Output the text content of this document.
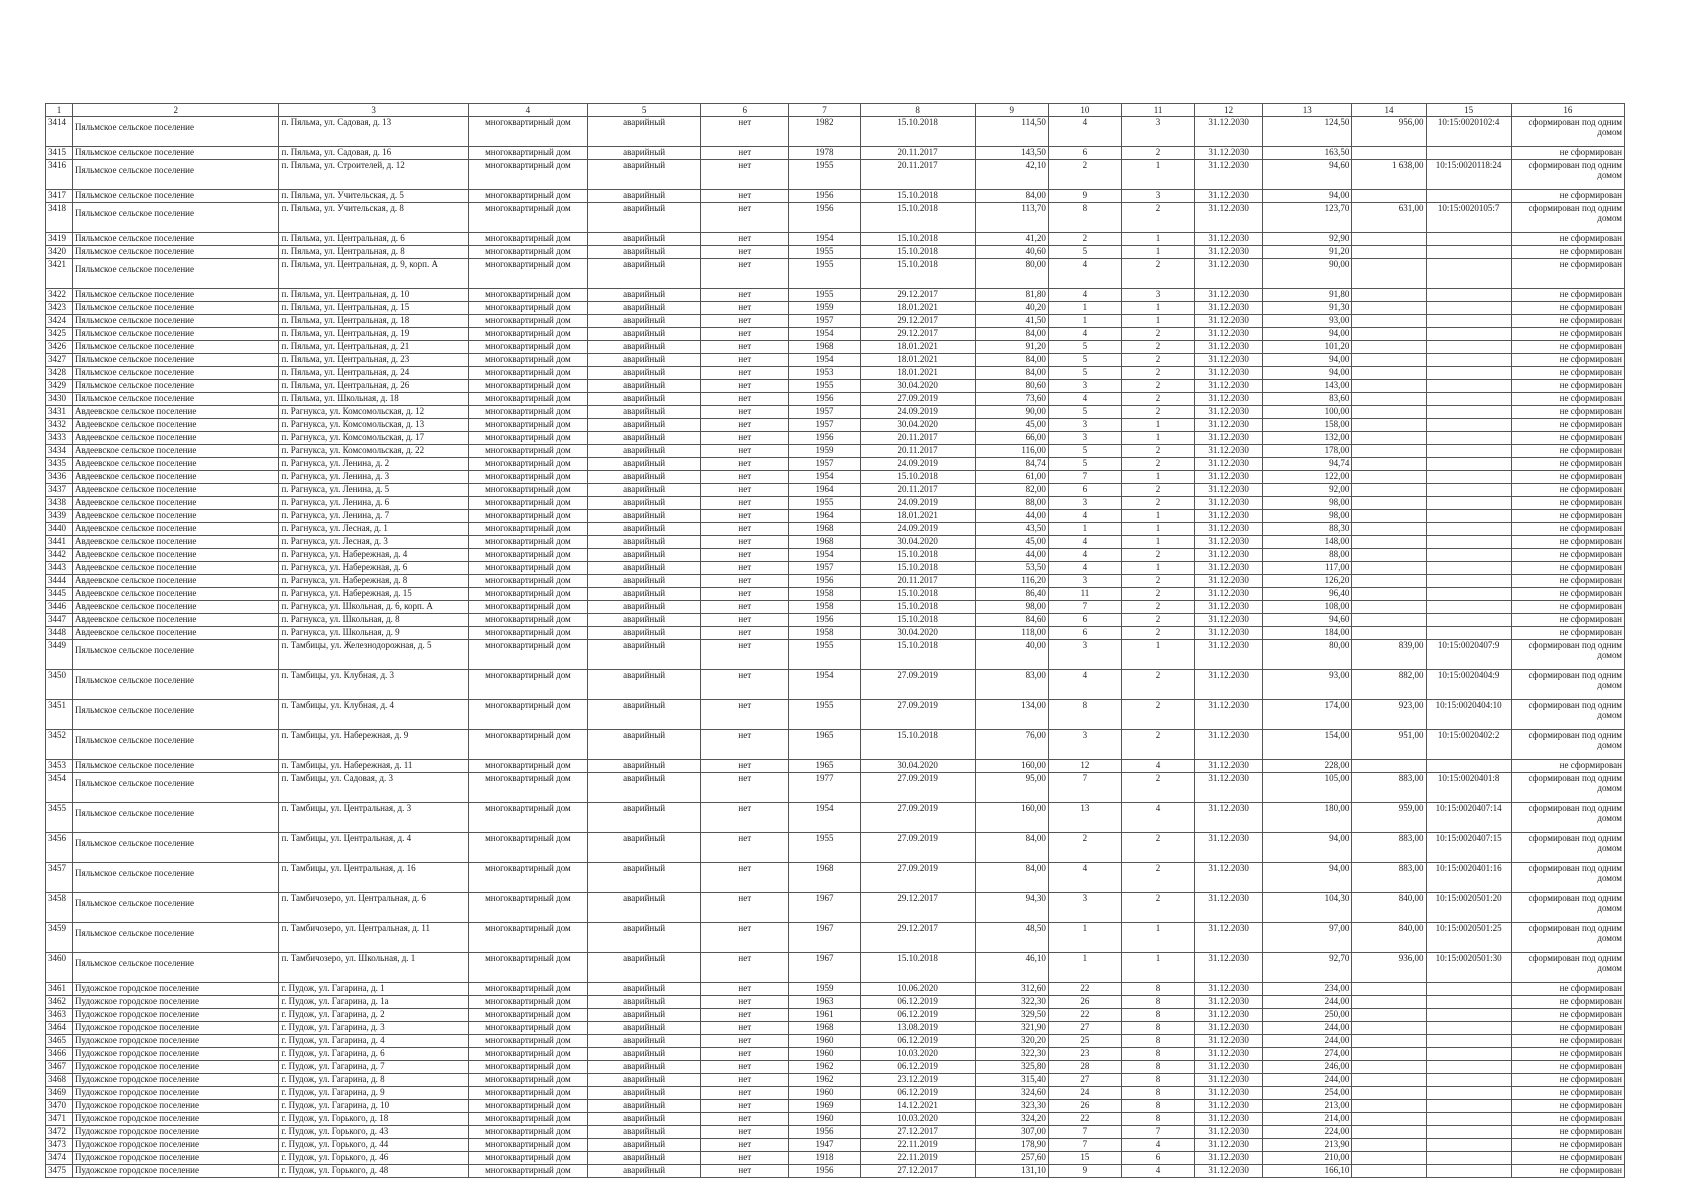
1	2	3	4	5	6	7	8	9	10	11	12	13	14	15	16
3414	Пяльмское сельское поселение	п. Пяльма, ул. Садовая, д. 13	многоквартирный дом	аварийный	нет	1982	15.10.2018	114,50	4	3	31.12.2030	124,50	956,00	10:15:0020102:4	сформирован под одним домом
3415	Пяльмское сельское поселение	п. Пяльма, ул. Садовая, д. 16	многоквартирный дом	аварийный	нет	1978	20.11.2017	143,50	6	2	31.12.2030	163,50			не сформирован
3416	Пяльмское сельское поселение	п. Пяльма, ул. Строителей, д. 12	многоквартирный дом	аварийный	нет	1955	20.11.2017	42,10	2	1	31.12.2030	94,60	1 638,00	10:15:0020118:24	сформирован под одним домом
3417	Пяльмское сельское поселение	п. Пяльма, ул. Учительская, д. 5	многоквартирный дом	аварийный	нет	1956	15.10.2018	84,00	9	3	31.12.2030	94,00			не сформирован
3418	Пяльмское сельское поселение	п. Пяльма, ул. Учительская, д. 8	многоквартирный дом	аварийный	нет	1956	15.10.2018	113,70	8	2	31.12.2030	123,70	631,00	10:15:0020105:7	сформирован под одним домом
3419	Пяльмское сельское поселение	п. Пяльма, ул. Центральная, д. 6	многоквартирный дом	аварийный	нет	1954	15.10.2018	41,20	2	1	31.12.2030	92,90			не сформирован
3420	Пяльмское сельское поселение	п. Пяльма, ул. Центральная, д. 8	многоквартирный дом	аварийный	нет	1955	15.10.2018	40,60	5	1	31.12.2030	91,20			не сформирован
3421	Пяльмское сельское поселение	п. Пяльма, ул. Центральная, д. 9, корп. А	многоквартирный дом	аварийный	нет	1955	15.10.2018	80,00	4	2	31.12.2030	90,00			не сформирован
3422	Пяльмское сельское поселение	п. Пяльма, ул. Центральная, д. 10	многоквартирный дом	аварийный	нет	1955	29.12.2017	81,80	4	3	31.12.2030	91,80			не сформирован
3423	Пяльмское сельское поселение	п. Пяльма, ул. Центральная, д. 15	многоквартирный дом	аварийный	нет	1959	18.01.2021	40,20	1	1	31.12.2030	91,30			не сформирован
3424	Пяльмское сельское поселение	п. Пяльма, ул. Центральная, д. 18	многоквартирный дом	аварийный	нет	1957	29.12.2017	41,50	1	1	31.12.2030	93,00			не сформирован
3425	Пяльмское сельское поселение	п. Пяльма, ул. Центральная, д. 19	многоквартирный дом	аварийный	нет	1954	29.12.2017	84,00	4	2	31.12.2030	94,00			не сформирован
3426	Пяльмское сельское поселение	п. Пяльма, ул. Центральная, д. 21	многоквартирный дом	аварийный	нет	1968	18.01.2021	91,20	5	2	31.12.2030	101,20			не сформирован
3427	Пяльмское сельское поселение	п. Пяльма, ул. Центральная, д. 23	многоквартирный дом	аварийный	нет	1954	18.01.2021	84,00	5	2	31.12.2030	94,00			не сформирован
3428	Пяльмское сельское поселение	п. Пяльма, ул. Центральная, д. 24	многоквартирный дом	аварийный	нет	1953	18.01.2021	84,00	5	2	31.12.2030	94,00			не сформирован
3429	Пяльмское сельское поселение	п. Пяльма, ул. Центральная, д. 26	многоквартирный дом	аварийный	нет	1955	30.04.2020	80,60	3	2	31.12.2030	143,00			не сформирован
3430	Пяльмское сельское поселение	п. Пяльма, ул. Школьная, д. 18	многоквартирный дом	аварийный	нет	1956	27.09.2019	73,60	4	2	31.12.2030	83,60			не сформирован
3431	Авдеевское сельское поселение	п. Рагнукса, ул. Комсомольская, д. 12	многоквартирный дом	аварийный	нет	1957	24.09.2019	90,00	5	2	31.12.2030	100,00			не сформирован
3432	Авдеевское сельское поселение	п. Рагнукса, ул. Комсомольская, д. 13	многоквартирный дом	аварийный	нет	1957	30.04.2020	45,00	3	1	31.12.2030	158,00			не сформирован
3433	Авдеевское сельское поселение	п. Рагнукса, ул. Комсомольская, д. 17	многоквартирный дом	аварийный	нет	1956	20.11.2017	66,00	3	1	31.12.2030	132,00			не сформирован
3434	Авдеевское сельское поселение	п. Рагнукса, ул. Комсомольская, д. 22	многоквартирный дом	аварийный	нет	1959	20.11.2017	116,00	5	2	31.12.2030	178,00			не сформирован
3435	Авдеевское сельское поселение	п. Рагнукса, ул. Ленина, д. 2	многоквартирный дом	аварийный	нет	1957	24.09.2019	84,74	5	2	31.12.2030	94,74			не сформирован
3436	Авдеевское сельское поселение	п. Рагнукса, ул. Ленина, д. 3	многоквартирный дом	аварийный	нет	1954	15.10.2018	61,00	7	1	31.12.2030	122,00			не сформирован
3437	Авдеевское сельское поселение	п. Рагнукса, ул. Ленина, д. 5	многоквартирный дом	аварийный	нет	1964	20.11.2017	82,00	6	2	31.12.2030	92,00			не сформирован
3438	Авдеевское сельское поселение	п. Рагнукса, ул. Ленина, д. 6	многоквартирный дом	аварийный	нет	1955	24.09.2019	88,00	3	2	31.12.2030	98,00			не сформирован
3439	Авдеевское сельское поселение	п. Рагнукса, ул. Ленина, д. 7	многоквартирный дом	аварийный	нет	1964	18.01.2021	44,00	4	1	31.12.2030	98,00			не сформирован
3440	Авдеевское сельское поселение	п. Рагнукса, ул. Лесная, д. 1	многоквартирный дом	аварийный	нет	1968	24.09.2019	43,50	1	1	31.12.2030	88,30			не сформирован
3441	Авдеевское сельское поселение	п. Рагнукса, ул. Лесная, д. 3	многоквартирный дом	аварийный	нет	1968	30.04.2020	45,00	4	1	31.12.2030	148,00			не сформирован
3442	Авдеевское сельское поселение	п. Рагнукса, ул. Набережная, д. 4	многоквартирный дом	аварийный	нет	1954	15.10.2018	44,00	4	2	31.12.2030	88,00			не сформирован
3443	Авдеевское сельское поселение	п. Рагнукса, ул. Набережная, д. 6	многоквартирный дом	аварийный	нет	1957	15.10.2018	53,50	4	1	31.12.2030	117,00			не сформирован
3444	Авдеевское сельское поселение	п. Рагнукса, ул. Набережная, д. 8	многоквартирный дом	аварийный	нет	1956	20.11.2017	116,20	3	2	31.12.2030	126,20			не сформирован
3445	Авдеевское сельское поселение	п. Рагнукса, ул. Набережная, д. 15	многоквартирный дом	аварийный	нет	1958	15.10.2018	86,40	11	2	31.12.2030	96,40			не сформирован
3446	Авдеевское сельское поселение	п. Рагнукса, ул. Школьная, д. 6, корп. А	многоквартирный дом	аварийный	нет	1958	15.10.2018	98,00	7	2	31.12.2030	108,00			не сформирован
3447	Авдеевское сельское поселение	п. Рагнукса, ул. Школьная, д. 8	многоквартирный дом	аварийный	нет	1956	15.10.2018	84,60	6	2	31.12.2030	94,60			не сформирован
3448	Авдеевское сельское поселение	п. Рагнукса, ул. Школьная, д. 9	многоквартирный дом	аварийный	нет	1958	30.04.2020	118,00	6	2	31.12.2030	184,00			не сформирован
3449	Пяльмское сельское поселение	п. Тамбицы, ул. Железнодорожная, д. 5	многоквартирный дом	аварийный	нет	1955	15.10.2018	40,00	3	1	31.12.2030	80,00	839,00	10:15:0020407:9	сформирован под одним домом
3450	Пяльмское сельское поселение	п. Тамбицы, ул. Клубная, д. 3	многоквартирный дом	аварийный	нет	1954	27.09.2019	83,00	4	2	31.12.2030	93,00	882,00	10:15:0020404:9	сформирован под одним домом
3451	Пяльмское сельское поселение	п. Тамбицы, ул. Клубная, д. 4	многоквартирный дом	аварийный	нет	1955	27.09.2019	134,00	8	2	31.12.2030	174,00	923,00	10:15:0020404:10	сформирован под одним домом
3452	Пяльмское сельское поселение	п. Тамбицы, ул. Набережная, д. 9	многоквартирный дом	аварийный	нет	1965	15.10.2018	76,00	3	2	31.12.2030	154,00	951,00	10:15:0020402:2	сформирован под одним домом
3453	Пяльмское сельское поселение	п. Тамбицы, ул. Набережная, д. 11	многоквартирный дом	аварийный	нет	1965	30.04.2020	160,00	12	4	31.12.2030	228,00			не сформирован
3454	Пяльмское сельское поселение	п. Тамбицы, ул. Садовая, д. 3	многоквартирный дом	аварийный	нет	1977	27.09.2019	95,00	7	2	31.12.2030	105,00	883,00	10:15:0020401:8	сформирован под одним домом
3455	Пяльмское сельское поселение	п. Тамбицы, ул. Центральная, д. 3	многоквартирный дом	аварийный	нет	1954	27.09.2019	160,00	13	4	31.12.2030	180,00	959,00	10:15:0020407:14	сформирован под одним домом
3456	Пяльмское сельское поселение	п. Тамбицы, ул. Центральная, д. 4	многоквартирный дом	аварийный	нет	1955	27.09.2019	84,00	2	2	31.12.2030	94,00	883,00	10:15:0020407:15	сформирован под одним домом
3457	Пяльмское сельское поселение	п. Тамбицы, ул. Центральная, д. 16	многоквартирный дом	аварийный	нет	1968	27.09.2019	84,00	4	2	31.12.2030	94,00	883,00	10:15:0020401:16	сформирован под одним домом
3458	Пяльмское сельское поселение	п. Тамбичозеро, ул. Центральная, д. 6	многоквартирный дом	аварийный	нет	1967	29.12.2017	94,30	3	2	31.12.2030	104,30	840,00	10:15:0020501:20	сформирован под одним домом
3459	Пяльмское сельское поселение	п. Тамбичозеро, ул. Центральная, д. 11	многоквартирный дом	аварийный	нет	1967	29.12.2017	48,50	1	1	31.12.2030	97,00	840,00	10:15:0020501:25	сформирован под одним домом
3460	Пяльмское сельское поселение	п. Тамбичозеро, ул. Школьная, д. 1	многоквартирный дом	аварийный	нет	1967	15.10.2018	46,10	1	1	31.12.2030	92,70	936,00	10:15:0020501:30	сформирован под одним домом
3461	Пудожское городское поселение	г. Пудож, ул. Гагарина, д. 1	многоквартирный дом	аварийный	нет	1959	10.06.2020	312,60	22	8	31.12.2030	234,00			не сформирован
3462	Пудожское городское поселение	г. Пудож, ул. Гагарина, д. 1а	многоквартирный дом	аварийный	нет	1963	06.12.2019	322,30	26	8	31.12.2030	244,00			не сформирован
3463	Пудожское городское поселение	г. Пудож, ул. Гагарина, д. 2	многоквартирный дом	аварийный	нет	1961	06.12.2019	329,50	22	8	31.12.2030	250,00			не сформирован
3464	Пудожское городское поселение	г. Пудож, ул. Гагарина, д. 3	многоквартирный дом	аварийный	нет	1968	13.08.2019	321,90	27	8	31.12.2030	244,00			не сформирован
3465	Пудожское городское поселение	г. Пудож, ул. Гагарина, д. 4	многоквартирный дом	аварийный	нет	1960	06.12.2019	320,20	25	8	31.12.2030	244,00			не сформирован
3466	Пудожское городское поселение	г. Пудож, ул. Гагарина, д. 6	многоквартирный дом	аварийный	нет	1960	10.03.2020	322,30	23	8	31.12.2030	274,00			не сформирован
3467	Пудожское городское поселение	г. Пудож, ул. Гагарина, д. 7	многоквартирный дом	аварийный	нет	1962	06.12.2019	325,80	28	8	31.12.2030	246,00			не сформирован
3468	Пудожское городское поселение	г. Пудож, ул. Гагарина, д. 8	многоквартирный дом	аварийный	нет	1962	23.12.2019	315,40	27	8	31.12.2030	244,00			не сформирован
3469	Пудожское городское поселение	г. Пудож, ул. Гагарина, д. 9	многоквартирный дом	аварийный	нет	1960	06.12.2019	324,60	24	8	31.12.2030	254,00			не сформирован
3470	Пудожское городское поселение	г. Пудож, ул. Гагарина, д. 10	многоквартирный дом	аварийный	нет	1969	14.12.2021	323,30	26	8	31.12.2030	213,00			не сформирован
3471	Пудожское городское поселение	г. Пудож, ул. Горького, д. 18	многоквартирный дом	аварийный	нет	1960	10.03.2020	324,20	22	8	31.12.2030	214,00			не сформирован
3472	Пудожское городское поселение	г. Пудож, ул. Горького, д. 43	многоквартирный дом	аварийный	нет	1956	27.12.2017	307,00	7	7	31.12.2030	224,00			не сформирован
3473	Пудожское городское поселение	г. Пудож, ул. Горького, д. 44	многоквартирный дом	аварийный	нет	1947	22.11.2019	178,90	7	4	31.12.2030	213,90			не сформирован
3474	Пудожское городское поселение	г. Пудож, ул. Горького, д. 46	многоквартирный дом	аварийный	нет	1918	22.11.2019	257,60	15	6	31.12.2030	210,00			не сформирован
3475	Пудожское городское поселение	г. Пудож, ул. Горького, д. 48	многоквартирный дом	аварийный	нет	1956	27.12.2017	131,10	9	4	31.12.2030	166,10			не сформирован
